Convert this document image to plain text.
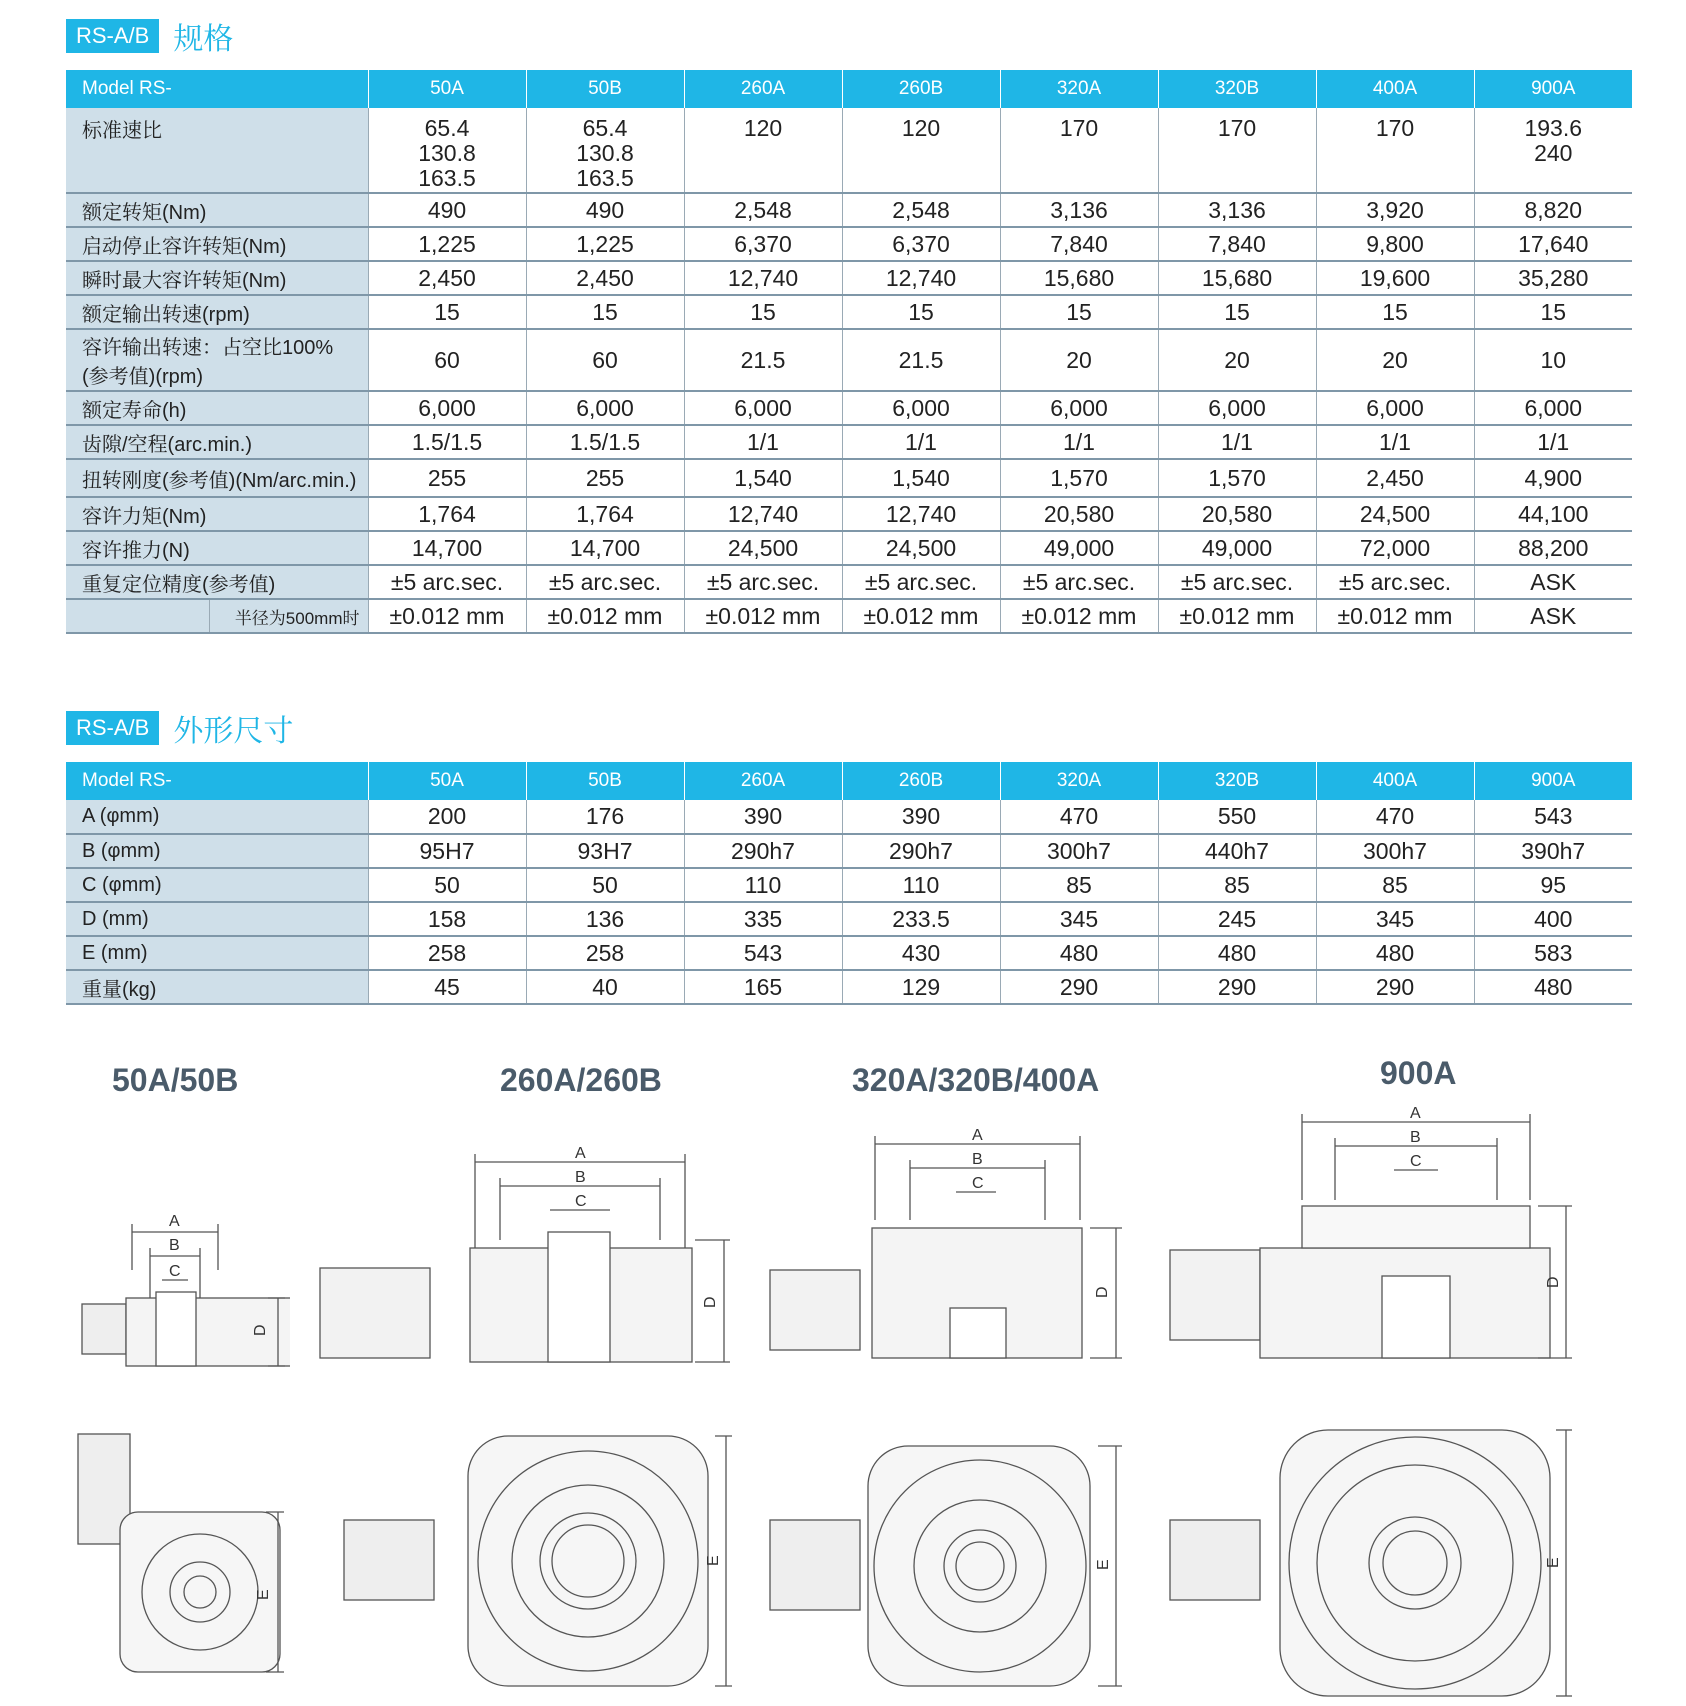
RS-A/B 规格
Model RS-	50A	50B	260A	260B	320A	320B	400A	900A
标准速比	65.4
130.8
163.5	65.4
130.8
163.5	120	120	170	170	170	193.6
240
额定转矩(Nm)	490	490	2,548	2,548	3,136	3,136	3,920	8,820
启动停止容许转矩(Nm)	1,225	1,225	6,370	6,370	7,840	7,840	9,800	17,640
瞬时最大容许转矩(Nm)	2,450	2,450	12,740	12,740	15,680	15,680	19,600	35,280
额定输出转速(rpm)	15	15	15	15	15	15	15	15
容许输出转速：占空比100%
(参考值)(rpm)	60	60	21.5	21.5	20	20	20	10
额定寿命(h)	6,000	6,000	6,000	6,000	6,000	6,000	6,000	6,000
齿隙/空程(arc.min.)	1.5/1.5	1.5/1.5	1/1	1/1	1/1	1/1	1/1	1/1
扭转刚度(参考值)(Nm/arc.min.)	255	255	1,540	1,540	1,570	1,570	2,450	4,900
容许力矩(Nm)	1,764	1,764	12,740	12,740	20,580	20,580	24,500	44,100
容许推力(N)	14,700	14,700	24,500	24,500	49,000	49,000	72,000	88,200
重复定位精度(参考值)	±5 arc.sec.	±5 arc.sec.	±5 arc.sec.	±5 arc.sec.	±5 arc.sec.	±5 arc.sec.	±5 arc.sec.	ASK

半径为500mm时	±0.012 mm	±0.012 mm	±0.012 mm	±0.012 mm	±0.012 mm	±0.012 mm	±0.012 mm	ASK
RS-A/B 外形尺寸
Model RS-	50A	50B	260A	260B	320A	320B	400A	900A
A (φmm)	200	176	390	390	470	550	470	543
B (φmm)	95H7	93H7	290h7	290h7	300h7	440h7	300h7	390h7
C (φmm)	50	50	110	110	85	85	85	95
D (mm)	158	136	335	233.5	345	245	345	400
E (mm)	258	258	543	430	480	480	480	583
重量(kg)	45	40	165	129	290	290	290	480
50A/50B	260A/260B	320A/320B/400A	900A
A
B
C
D
A
B
C
D
A
B
C
D
A
B
C
D
E
E	E	E
